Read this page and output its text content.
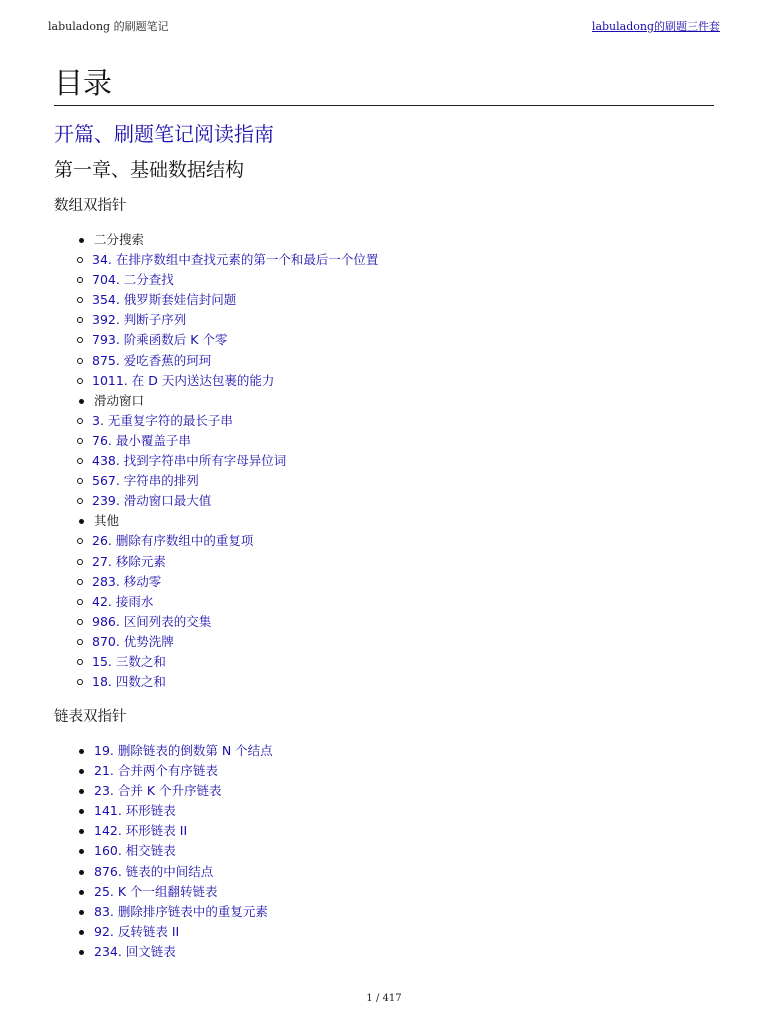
labuladong 的刷题笔记	labuladong的刷题三件套
目录
开篇、刷题笔记阅读指南
第一章、基础数据结构
数组双指针
二分搜索
34. 在排序数组中查找元素的第一个和最后一个位置
704. 二分查找
354. 俄罗斯套娃信封问题
392. 判断子序列
793. 阶乘函数后 K 个零
875. 爱吃香蕉的珂珂
1011. 在 D 天内送达包裹的能力
滑动窗口
3. 无重复字符的最长子串
76. 最小覆盖子串
438. 找到字符串中所有字母异位词
567. 字符串的排列
239. 滑动窗口最大值
其他
26. 删除有序数组中的重复项
27. 移除元素
283. 移动零
42. 接雨水
986. 区间列表的交集
870. 优势洗牌
15. 三数之和
18. 四数之和
链表双指针
19. 删除链表的倒数第 N 个结点
21. 合并两个有序链表
23. 合并 K 个升序链表
141. 环形链表
142. 环形链表 II
160. 相交链表
876. 链表的中间结点
25. K 个一组翻转链表
83. 删除排序链表中的重复元素
92. 反转链表 II
234. 回文链表
1 / 417
